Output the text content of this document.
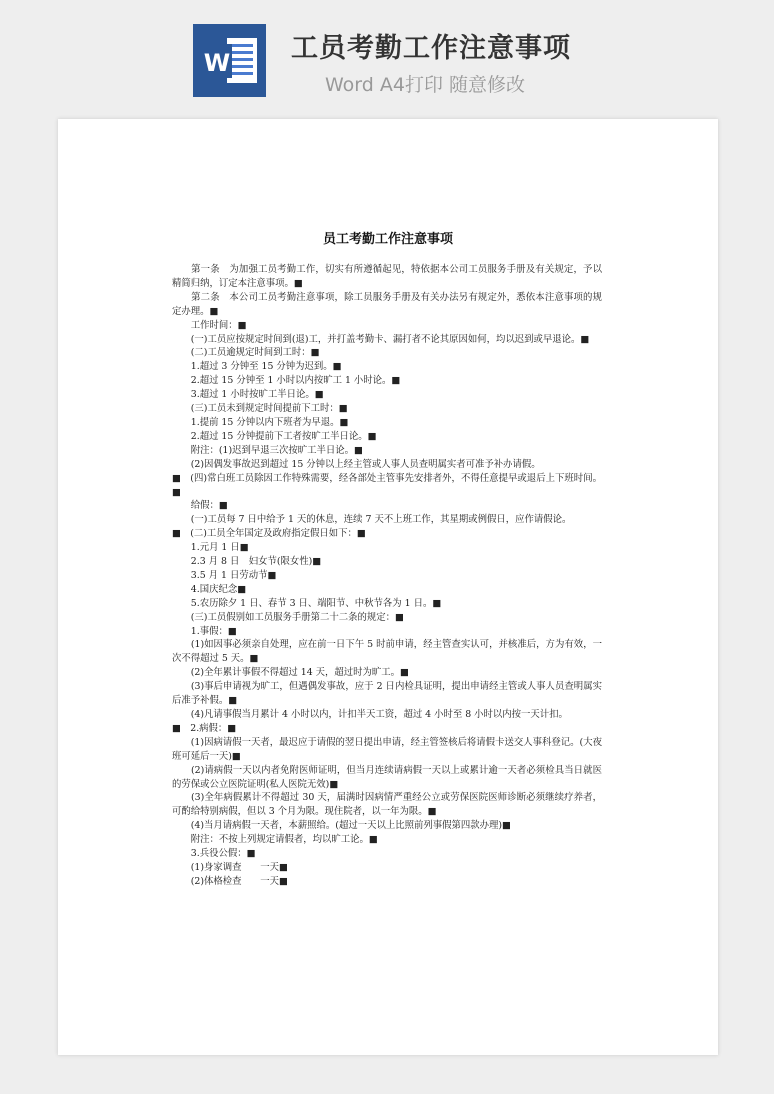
W 工员考勤工作注意事项
Word A4打印 随意修改
员工考勤工作注意事项

　　第一条　为加强工员考勤工作，切实有所遵循起见，特依据本公司工员服务手册及有关规定，予以精简归纳，订定本注意事项。■

　　第二条　本公司工员考勤注意事项，除工员服务手册及有关办法另有规定外，悉依本注意事项的规定办理。■

　　工作时间：■

　　(一)工员应按规定时间到(退)工，并打盖考勤卡、漏打者不论其原因如何，均以迟到或早退论。■

　　(二)工员逾规定时间到工时：■

　　1.超过 3 分钟至 15 分钟为迟到。■

　　2.超过 15 分钟至 1 小时以内按旷工 1 小时论。■

　　3.超过 1 小时按旷工半日论。■

　　(三)工员未到规定时间提前下工时：■

　　1.提前 15 分钟以内下班者为早退。■

　　2.超过 15 分钟提前下工者按旷工半日论。■

　　附注：(1)迟到早退三次按旷工半日论。■

　　(2)因偶发事故迟到超过 15 分钟以上经主管或人事人员查明属实者可准予补办请假。

■　(四)常白班工员除因工作特殊需要，经各部处主管事先安排者外，不得任意提早或退后上下班时间。■

　　给假：■

　　(一)工员每 7 日中给予 1 天的休息，连续 7 天不上班工作，其星期或例假日，应作请假论。

■　(二)工员全年国定及政府指定假日如下：■

　　1.元月 1 日■

　　2.3 月 8 日　妇女节(限女性)■

　　3.5 月 1 日劳动节■

　　4.国庆纪念■

　　5.农历除夕 1 日、春节 3 日、端阳节、中秋节各为 1 日。■

　　(三)工员假别如工员服务手册第二十二条的规定：■

　　1.事假：■

　　(1)如因事必须亲自处理，应在前一日下午 5 时前申请，经主管查实认可，并核准后，方为有效，一次不得超过 5 天。■

　　(2)全年累计事假不得超过 14 天，超过时为旷工。■

　　(3)事后申请视为旷工，但遇偶发事故，应于 2 日内检具证明，提出申请经主管或人事人员查明属实后准予补假。■

　　(4)凡请事假当月累计 4 小时以内，计扣半天工资，超过 4 小时至 8 小时以内按一天计扣。

■　2.病假：■

　　(1)因病请假一天者，最迟应于请假的翌日提出申请，经主管签核后将请假卡送交人事科登记。(大夜班可延后一天)■

　　(2)请病假一天以内者免附医师证明，但当月连续请病假一天以上或累计逾一天者必须检具当日就医的劳保或公立医院证明(私人医院无效)■

　　(3)全年病假累计不得超过 30 天，届满时因病情严重经公立或劳保医院医师诊断必须继续疗养者，可酌给特别病假，但以 3 个月为限。现住院者，以一年为限。■

　　(4)当月请病假一天者，本薪照给。(超过一天以上比照前列事假第四款办理)■

　　附注：不按上列规定请假者，均以旷工论。■

　　3.兵役公假：■

　　(1)身家调查　　一天■

　　(2)体格检查　　一天■
